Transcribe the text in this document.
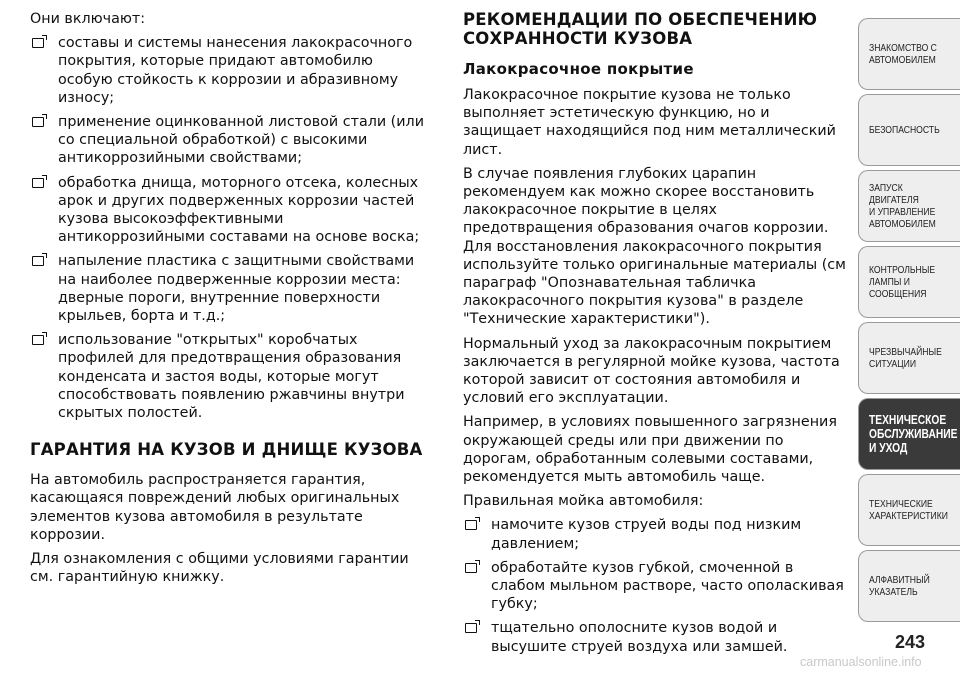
Они включают:

составы и системы нанесения лакокрасочного покрытия, которые придают автомобилю особую стойкость к коррозии и абразивному износу;
применение оцинкованной листовой стали (или со специальной обработкой) с высокими антикоррозийными свойствами;
обработка днища, моторного отсека, колесных арок и других подверженных коррозии частей кузова высокоэффективными антикоррозийными составами на основе воска;
напыление пластика с защитными свойствами на наиболее подверженные коррозии места: дверные пороги, внутренние поверхности крыльев, борта и т.д.;
использование "открытых" коробчатых профилей для предотвращения образования конденсата и застоя воды, которые могут способствовать появлению ржавчины внутри скрытых полостей.
ГАРАНТИЯ НА КУЗОВ И ДНИЩЕ КУЗОВА

На автомобиль распространяется гарантия, касающаяся повреждений любых оригинальных элементов кузова автомобиля в результате коррозии.

Для ознакомления с общими условиями гарантии см. гарантийную книжку.

РЕКОМЕНДАЦИИ ПО ОБЕСПЕЧЕНИЮ СОХРАННОСТИ КУЗОВА
Лакокрасочное покрытие

Лакокрасочное покрытие кузова не только выполняет эстетическую функцию, но и защищает находящийся под ним металлический лист.

В случае появления глубоких царапин рекомендуем как можно скорее восстановить лакокрасочное покрытие в целях предотвращения образования очагов коррозии. Для восстановления лакокрасочного покрытия используйте только оригинальные материалы (см параграф "Опознавательная табличка лакокрасочного покрытия кузова" в разделе "Технические характеристики").

Нормальный уход за лакокрасочным покрытием заключается в регулярной мойке кузова, частота которой зависит от состояния автомобиля и условий его эксплуатации.

Например, в условиях повышенного загрязнения окружающей среды или при движении по дорогам, обработанным солевыми составами, рекомендуется мыть автомобиль чаще.

Правильная мойка автомобиля:

намочите кузов струей воды под низким давлением;
обработайте кузов губкой, смоченной в слабом мыльном растворе, часто ополаскивая губку;
тщательно ополосните кузов водой и высушите струей воздуха или замшей.
ЗНАКОМСТВО С
АВТОМОБИЛЕМ
БЕЗОПАСНОСТЬ
ЗАПУСК ДВИГАТЕЛЯ
И УПРАВЛЕНИЕ
АВТОМОБИЛЕМ
КОНТРОЛЬНЫЕ
ЛАМПЫ И
СООБЩЕНИЯ
ЧРЕЗВЫЧАЙНЫЕ
СИТУАЦИИ
ТЕХНИЧЕСКОЕ
ОБСЛУЖИВАНИЕ
И УХОД
ТЕХНИЧЕСКИЕ
ХАРАКТЕРИСТИКИ
АЛФАВИТНЫЙ
УКАЗАТЕЛЬ
243
carmanualsonline.info
